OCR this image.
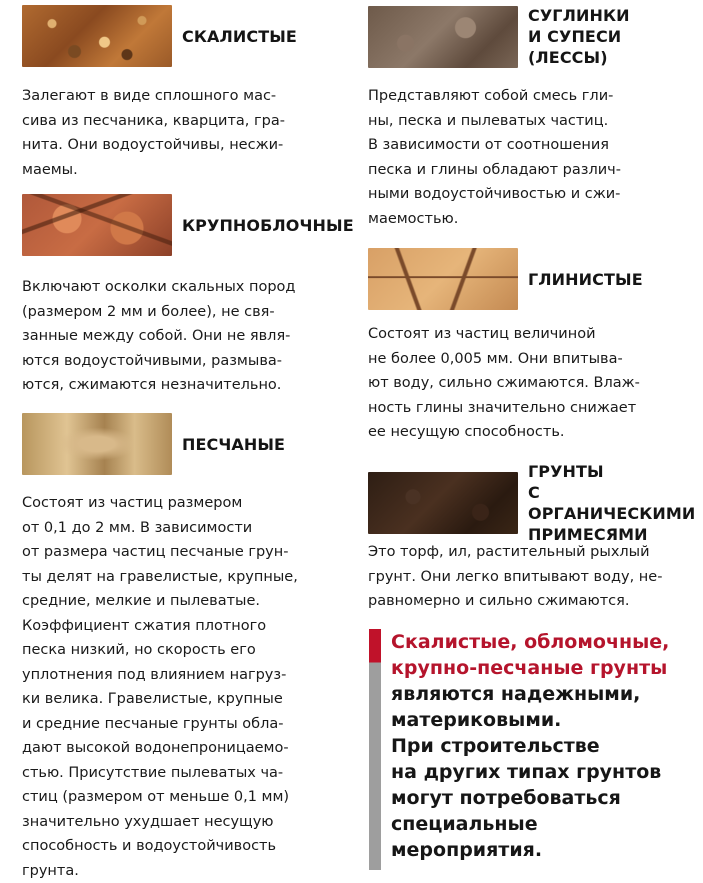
СКАЛИСТЫЕ

Залегают в виде сплошного мас-
сива из песчаника, кварцита, гра-
нита. Они водоустойчивы, несжи-
маемы.

КРУПНОБЛОЧНЫЕ

Включают осколки скальных пород
(размером 2 мм и более), не свя-
занные между собой. Они не явля-
ются водоустойчивыми, размыва-
ются, сжимаются незначительно.

ПЕСЧАНЫЕ

Состоят из частиц размером
от 0,1 до 2 мм. В зависимости
от размера частиц песчаные грун-
ты делят на гравелистые, крупные,
средние, мелкие и пылеватые.
Коэффициент сжатия плотного
песка низкий, но скорость его
уплотнения под влиянием нагруз-
ки велика. Гравелистые, крупные
и средние песчаные грунты обла-
дают высокой водонепроницаемо-
стью. Присутствие пылеватых ча-
стиц (размером от меньше 0,1 мм)
значительно ухудшает несущую
способность и водоустойчивость
грунта.

СУГЛИНКИ
И СУПЕСИ (ЛЕССЫ)

Представляют собой смесь гли-
ны, песка и пылеватых частиц.
В зависимости от соотношения
песка и глины обладают различ-
ными водоустойчивостью и сжи-
маемостью.

ГЛИНИСТЫЕ

Состоят из частиц величиной
не более 0,005 мм. Они впитыва-
ют воду, сильно сжимаются. Влаж-
ность глины значительно снижает
ее несущую способность.

ГРУНТЫ
С ОРГАНИЧЕСКИМИ
ПРИМЕСЯМИ

Это торф, ил, растительный рыхлый
грунт. Они легко впитывают воду, не-
равномерно и сильно сжимаются.

Скалистые, обломочные,
крупно-песчаные грунты
являются надежными,
материковыми.
При строительстве
на других типах грунтов
могут потребоваться
специальные
мероприятия.
